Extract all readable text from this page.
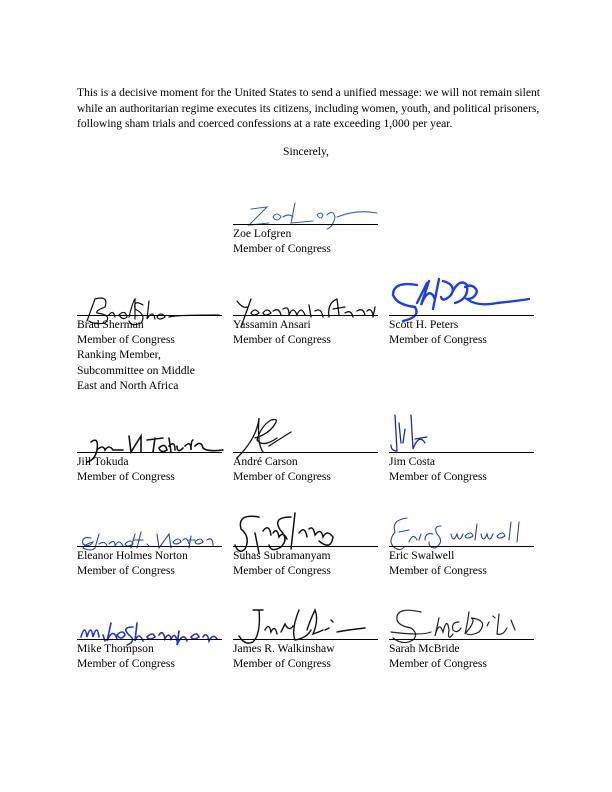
This is a decisive moment for the United States to send a unified message: we will not remain silent while an authoritarian regime executes its citizens, including women, youth, and political prisoners, following sham trials and coerced confessions at a rate exceeding 1,000 per year.

Sincerely,
Zoe Lofgren
Member of Congress
Brad Sherman
Member of Congress
Ranking Member,
Subcommittee on Middle
East and North Africa
Yassamin Ansari
Member of Congress
Scott H. Peters
Member of Congress
Jill Tokuda
Member of Congress
André Carson
Member of Congress
Jim Costa
Member of Congress
Eleanor Holmes Norton
Member of Congress
Suhas Subramanyam
Member of Congress
Eric Swalwell
Member of Congress
Mike Thompson
Member of Congress
James R. Walkinshaw
Member of Congress
Sarah McBride
Member of Congress
